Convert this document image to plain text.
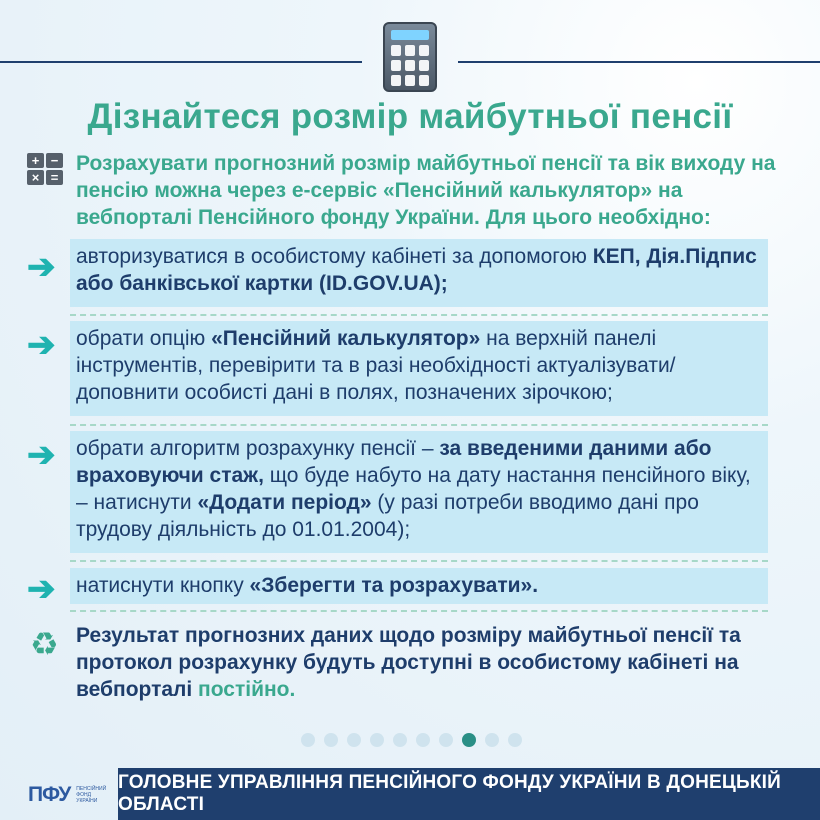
Дізнайтеся розмір майбутньої пенсії
+ −
× =

Розрахувати прогнозний розмір майбутньої пенсії та вік виходу на пенсію можна через е-сервіс «Пенсійний калькулятор» на вебпорталі Пенсійного фонду України. Для цього необхідно:

➔ авторизуватися в особистому кабінеті за допомогою КЕП, Дія.Підпис або банківської картки (ID.GOV.UA);
➔ обрати опцію «Пенсійний калькулятор» на верхній панелі інструментів, перевірити та в разі необхідності актуалізувати/доповнити особисті дані в полях, позначених зірочкою;
➔ обрати алгоритм розрахунку пенсії – за введеними даними або враховуючи стаж, що буде набуто на дату настання пенсійного віку, – натиснути «Додати період» (у разі потреби вводимо дані про трудову діяльність до 01.01.2004);
➔ натиснути кнопку «Зберегти та розрахувати».
♻ Результат прогнозних даних щодо розміру майбутньої пенсії та протокол розрахунку будуть доступні в особистому кабінеті на вебпорталі постійно.

ПФУ ПЕНСІЙНИЙ ФОНД УКРАЇНИ
ГОЛОВНЕ УПРАВЛІННЯ ПЕНСІЙНОГО ФОНДУ УКРАЇНИ В ДОНЕЦЬКІЙ ОБЛАСТІ
